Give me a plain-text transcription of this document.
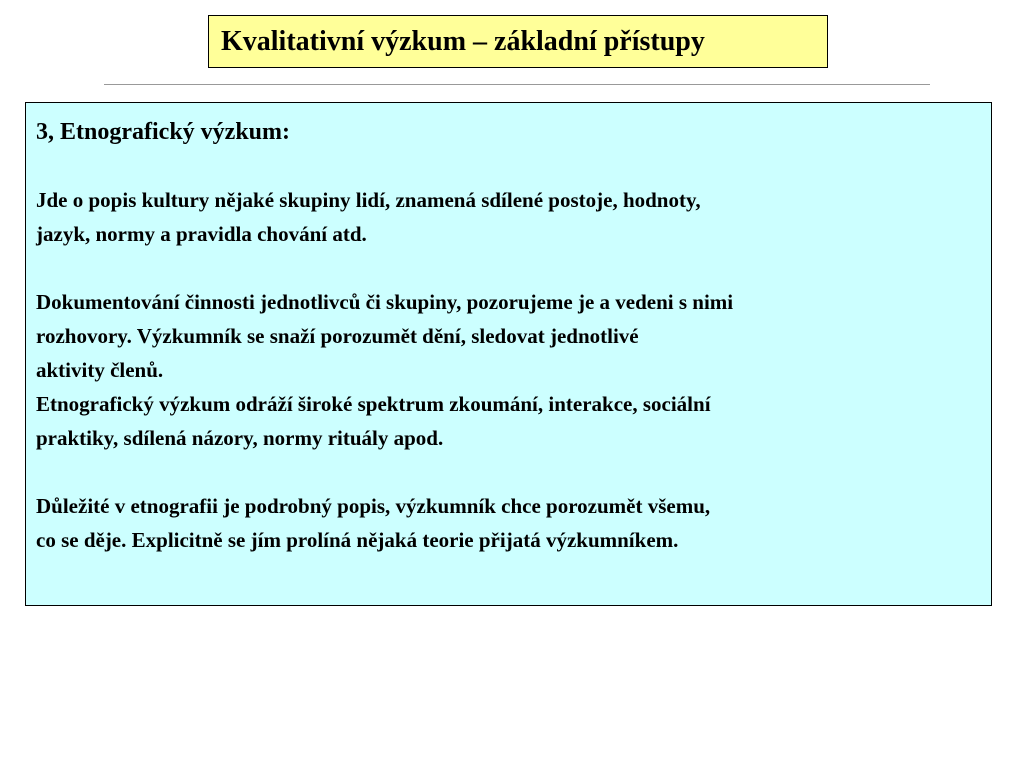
Kvalitativní výzkum – základní přístupy
3, Etnografický výzkum:
Jde o popis kultury nějaké skupiny lidí, znamená sdílené postoje, hodnoty,
jazyk, normy a pravidla chování atd.
Dokumentování činnosti jednotlivců či skupiny, pozorujeme je a vedeni s nimi
rozhovory. Výzkumník se snaží porozumět dění, sledovat jednotlivé
aktivity členů.
Etnografický výzkum odráží široké spektrum zkoumání, interakce, sociální
praktiky, sdílená názory, normy rituály apod.
Důležité v etnografii je podrobný popis, výzkumník chce porozumět všemu,
co se děje. Explicitně se jím prolíná nějaká teorie přijatá výzkumníkem.
